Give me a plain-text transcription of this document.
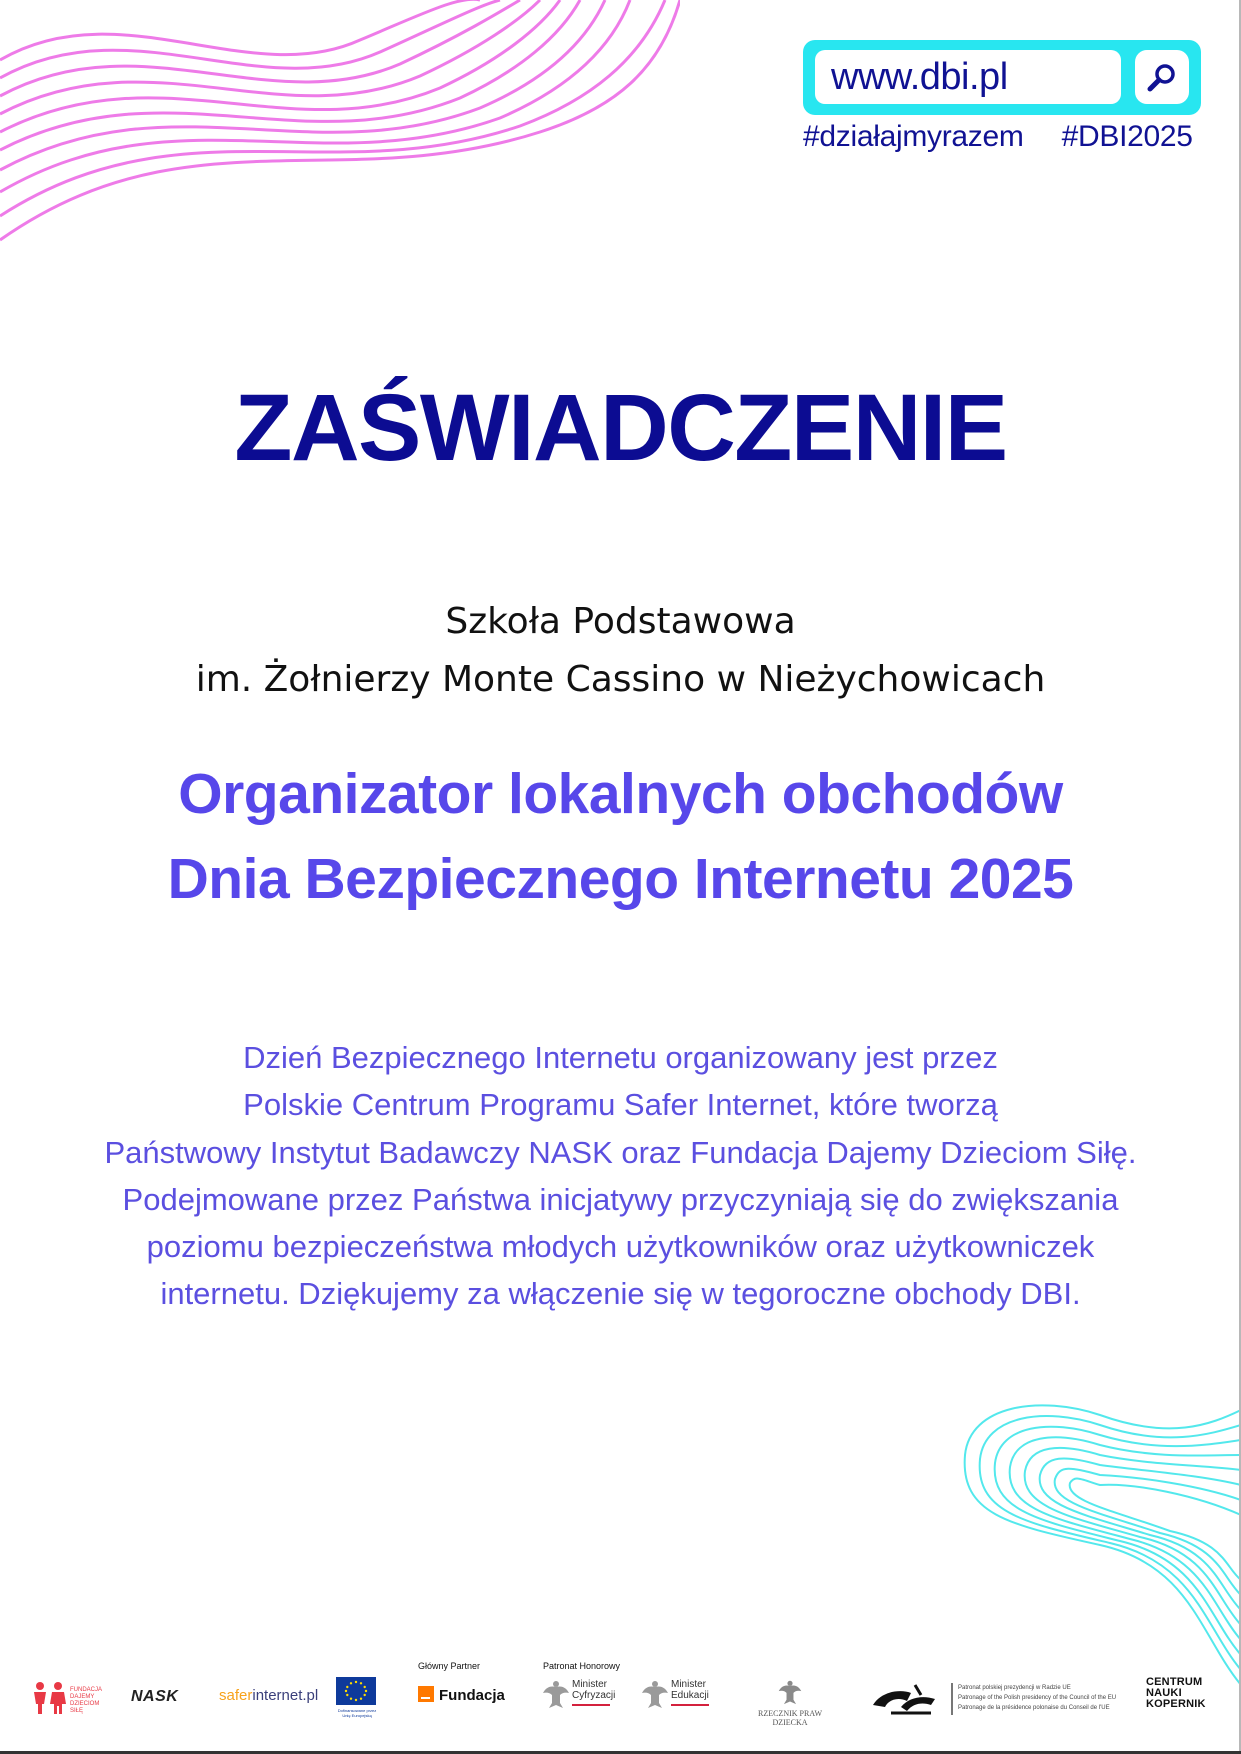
www.dbi.pl
#działajmyrazem #DBI2025
ZAŚWIADCZENIE
Szkoła Podstawowa
im. Żołnierzy Monte Cassino w Nieżychowicach
Organizator lokalnych obchodów
Dnia Bezpiecznego Internetu 2025
Dzień Bezpiecznego Internetu organizowany jest przez
Polskie Centrum Programu Safer Internet, które tworzą
Państwowy Instytut Badawczy NASK oraz Fundacja Dajemy Dzieciom Siłę.
Podejmowane przez Państwa inicjatywy przyczyniają się do zwiększania
poziomu bezpieczeństwa młodych użytkowników oraz użytkowniczek
internetu. Dziękujemy za włączenie się w tegoroczne obchody DBI.
FUNDACJA
DAJEMY
DZIECIOM
SIŁĘ
NASK	saferinternet.pl
Dofinansowane przez
Unię Europejską
Główny Partner
Fundacja
Patronat Honorowy
Minister
Cyfryzacji
Minister
Edukacji
RZECZNIK PRAW DZIECKA
Patronat polskiej prezydencji w Radzie UE
Patronage of the Polish presidency of the Council of the EU
Patronage de la présidence polonaise du Conseil de l'UE
CENTRUM
NAUKI
KOPERNIK
